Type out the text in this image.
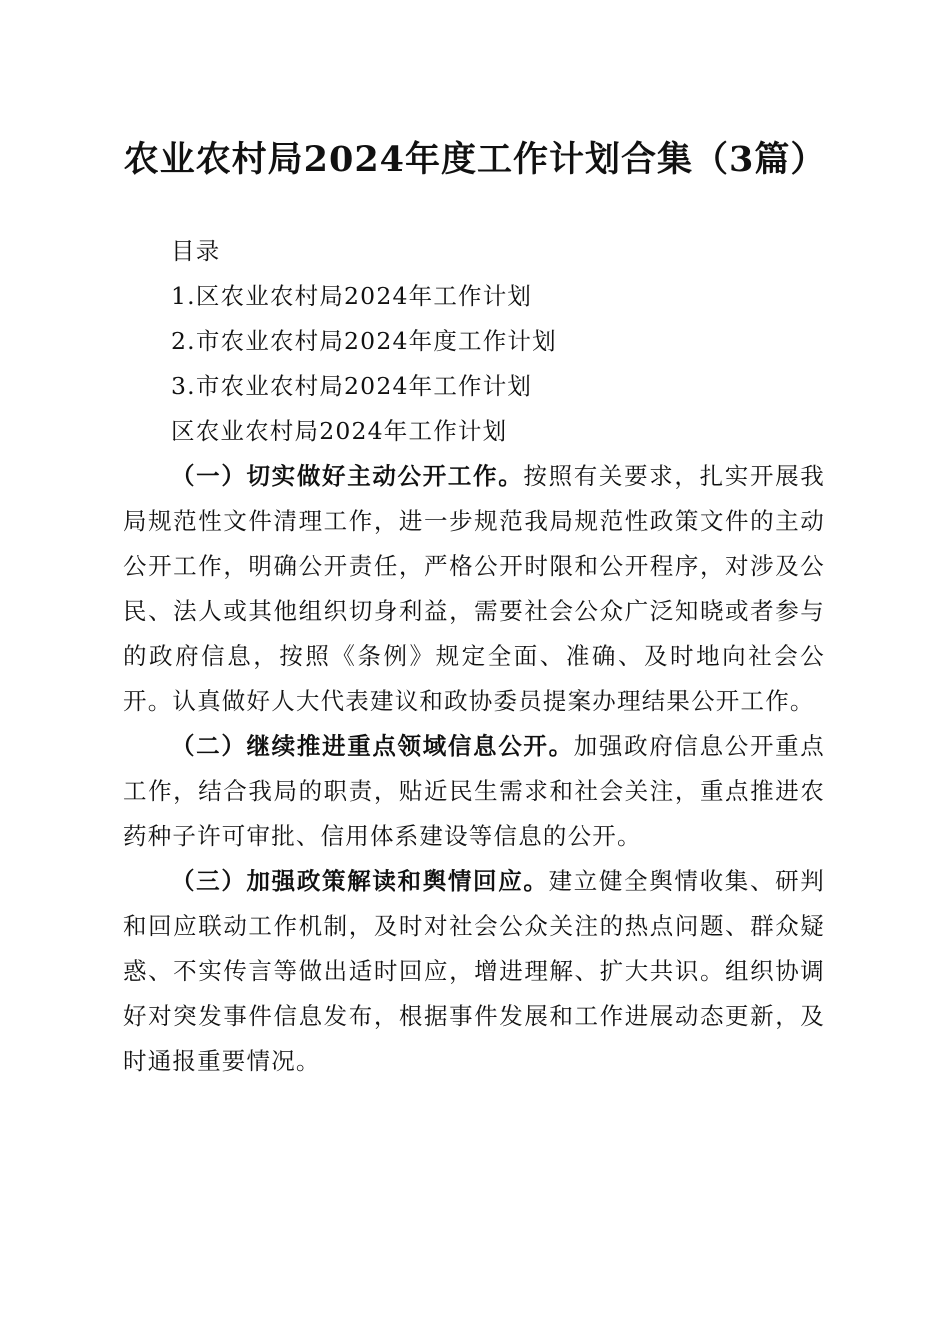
农业农村局2024年度工作计划合集（3篇）

目录

1.区农业农村局2024年工作计划

2.市农业农村局2024年度工作计划

3.市农业农村局2024年工作计划

区农业农村局2024年工作计划

（一）切实做好主动公开工作。按照有关要求，扎实开展我局规范性文件清理工作，进一步规范我局规范性政策文件的主动公开工作，明确公开责任，严格公开时限和公开程序，对涉及公民、法人或其他组织切身利益，需要社会公众广泛知晓或者参与的政府信息，按照《条例》规定全面、准确、及时地向社会公开。认真做好人大代表建议和政协委员提案办理结果公开工作。

（二）继续推进重点领域信息公开。加强政府信息公开重点工作，结合我局的职责，贴近民生需求和社会关注，重点推进农药种子许可审批、信用体系建设等信息的公开。

（三）加强政策解读和舆情回应。建立健全舆情收集、研判和回应联动工作机制，及时对社会公众关注的热点问题、群众疑惑、不实传言等做出适时回应，增进理解、扩大共识。组织协调好对突发事件信息发布，根据事件发展和工作进展动态更新，及时通报重要情况。
